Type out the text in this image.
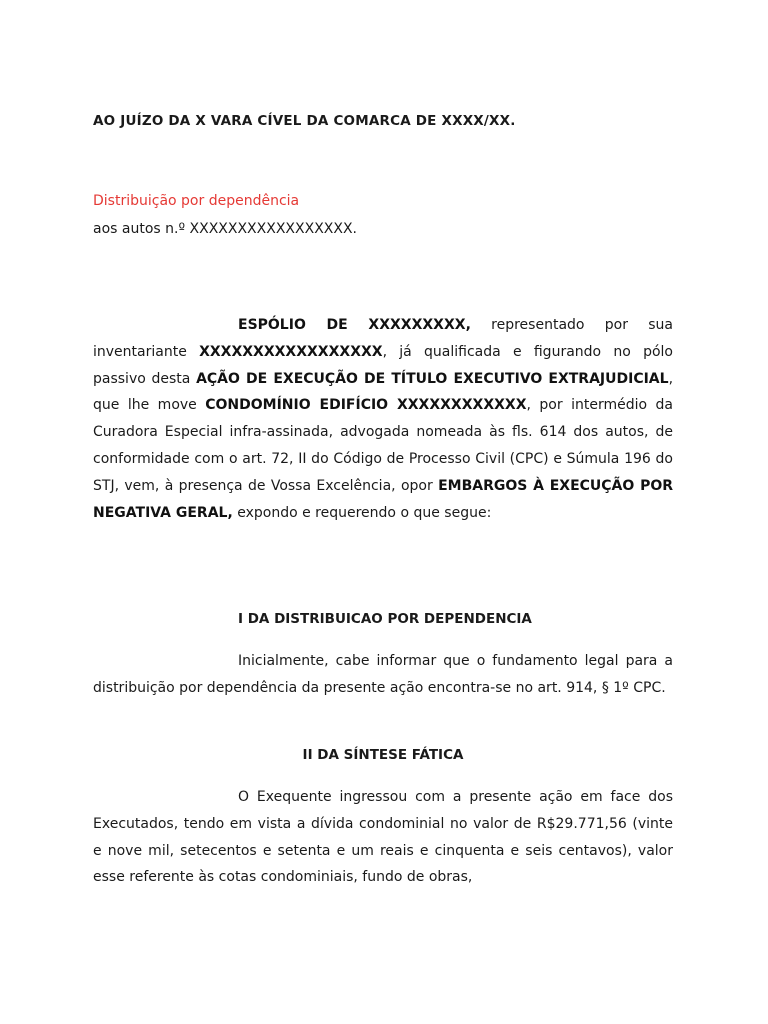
AO JUÍZO DA X VARA CÍVEL DA COMARCA DE XXXX/XX.
Distribuição por dependência
aos autos n.º XXXXXXXXXXXXXXXXX.

ESPÓLIO DE XXXXXXXXX, representado por sua inventariante XXXXXXXXXXXXXXXXX, já qualificada e figurando no pólo passivo desta AÇÃO DE EXECUÇÃO DE TÍTULO EXECUTIVO EXTRAJUDICIAL, que lhe move CONDOMÍNIO EDIFÍCIO XXXXXXXXXXXX, por intermédio da Curadora Especial infra-assinada, advogada nomeada às fls. 614 dos autos, de conformidade com o art. 72, II do Código de Processo Civil (CPC) e Súmula 196 do STJ, vem, à presença de Vossa Excelência, opor EMBARGOS À EXECUÇÃO POR NEGATIVA GERAL, expondo e requerendo o que segue:

I DA DISTRIBUICAO POR DEPENDENCIA

Inicialmente, cabe informar que o fundamento legal para a distribuição por dependência da presente ação encontra-se no art. 914, § 1º CPC.

II DA SÍNTESE FÁTICA

O Exequente ingressou com a presente ação em face dos Executados, tendo em vista a dívida condominial no valor de R$29.771,56 (vinte e nove mil, setecentos e setenta e um reais e cinquenta e seis centavos), valor esse referente às cotas condominiais, fundo de obras,
